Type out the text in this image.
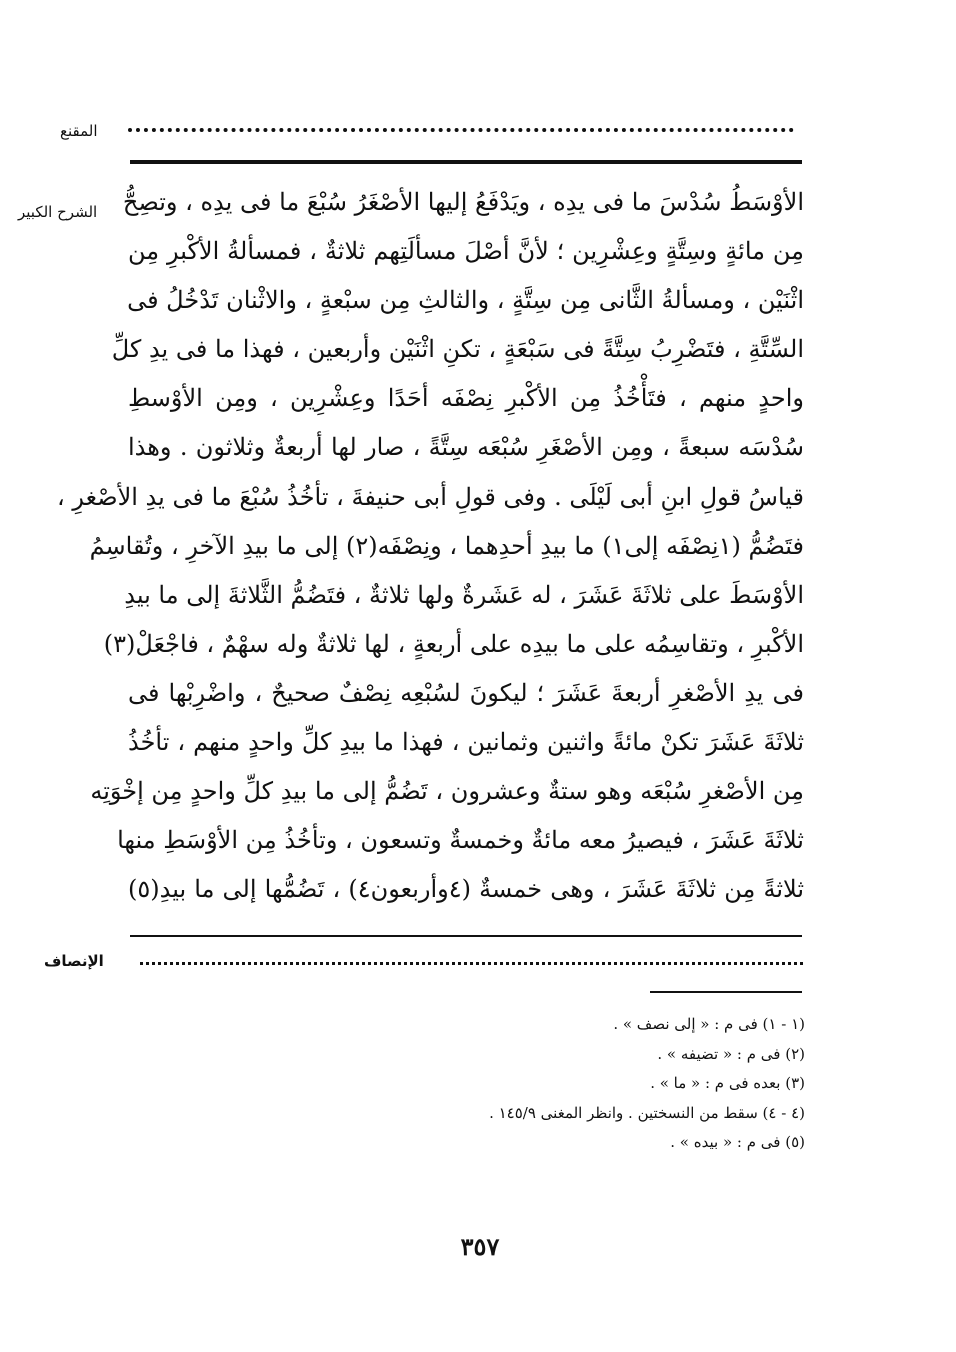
المقنع
الشرح الكبير الأوْسَطُ سُدْسَ ما فى يدِه ، ويَدْفَعُ إليها الأصْغَرُ سُبْعَ ما فى يدِه ، وتصِحُّ
مِن مائةٍ وسِتَّةٍ وعِشْرِين ؛ لأنَّ أصْلَ مسألَتِهم ثلاثةٌ ، فمسألةُ الأكْبرِ مِن
اثْنَيْن ، ومسألةُ الثَّانى مِن سِتَّةٍ ، والثالثِ مِن سبْعةٍ ، والاثْنان تَدْخُلُ فى
السِّتَّةِ ، فتَضْرِبُ سِتَّةً فى سَبْعَةٍ ، تكنِ اثْنَيْن وأربعين ، فهذا ما فى يدِ كلِّ
واحدٍ منهم ، فتَأْخُذُ مِن الأكْبرِ نِصْفَه أحَدًا وعِشْرِين ، ومِن الأوْسطِ
سُدْسَه سبعةً ، ومِن الأصْغَرِ سُبْعَه سِتَّةً ، صار لها أربعةٌ وثلاثون . وهذا
قياسُ قولِ ابنِ أبى لَيْلَى . وفى قولِ أبى حنيفةَ ، تأخُذُ سُبْعَ ما فى يدِ الأصْغرِ ،
فتَضُمُّ (١نِصْفَه إلى١) ما بيدِ أحدِهما ، ونِصْفَه(٢) إلى ما بيدِ الآخرِ ، وتُقاسِمُ
الأوْسَطَ على ثلاثَةَ عَشَرَ ، له عَشَرةٌ ولها ثلاثةٌ ، فتَضُمُّ الثَّلاثةَ إلى ما بيدِ
الأكْبرِ ، وتقاسِمُه على ما بيدِه على أربعةٍ ، لها ثلاثةٌ وله سهْمٌ ، فاجْعَلْ(٣)
فى يدِ الأصْغرِ أربعةَ عَشَرَ ؛ ليكونَ لسُبْعِه نِصْفٌ صحيحٌ ، واضْرِبْها فى
ثلاثَةَ عَشَرَ تكنْ مائةً واثنين وثمانين ، فهذا ما بيدِ كلِّ واحدٍ منهم ، تأخُذُ
مِن الأصْغرِ سُبْعَه وهو ستةٌ وعشرون ، تَضُمُّ إلى ما بيدِ كلِّ واحدٍ مِن إخْوَتِه
ثلاثَةَ عَشَرَ ، فيصيرُ معه مائةٌ وخمسةٌ وتسعون ، وتأخُذُ مِن الأوْسَطِ منها
ثلاثةً مِن ثلاثَةَ عَشَرَ ، وهى خمسةٌ (٤وأربعون٤) ، تَضُمُّها إلى ما بيدِ(٥)
الإنصاف
(١ - ١) فى م : « إلى نصف » .
(٢) فى م : « تضيفه » .
(٣) بعده فى م : « ما » .
(٤ - ٤) سقط من النسختين . وانظر المغنى ١٤٥/٩ .
(٥) فى م : « بيده » .
٣٥٧
